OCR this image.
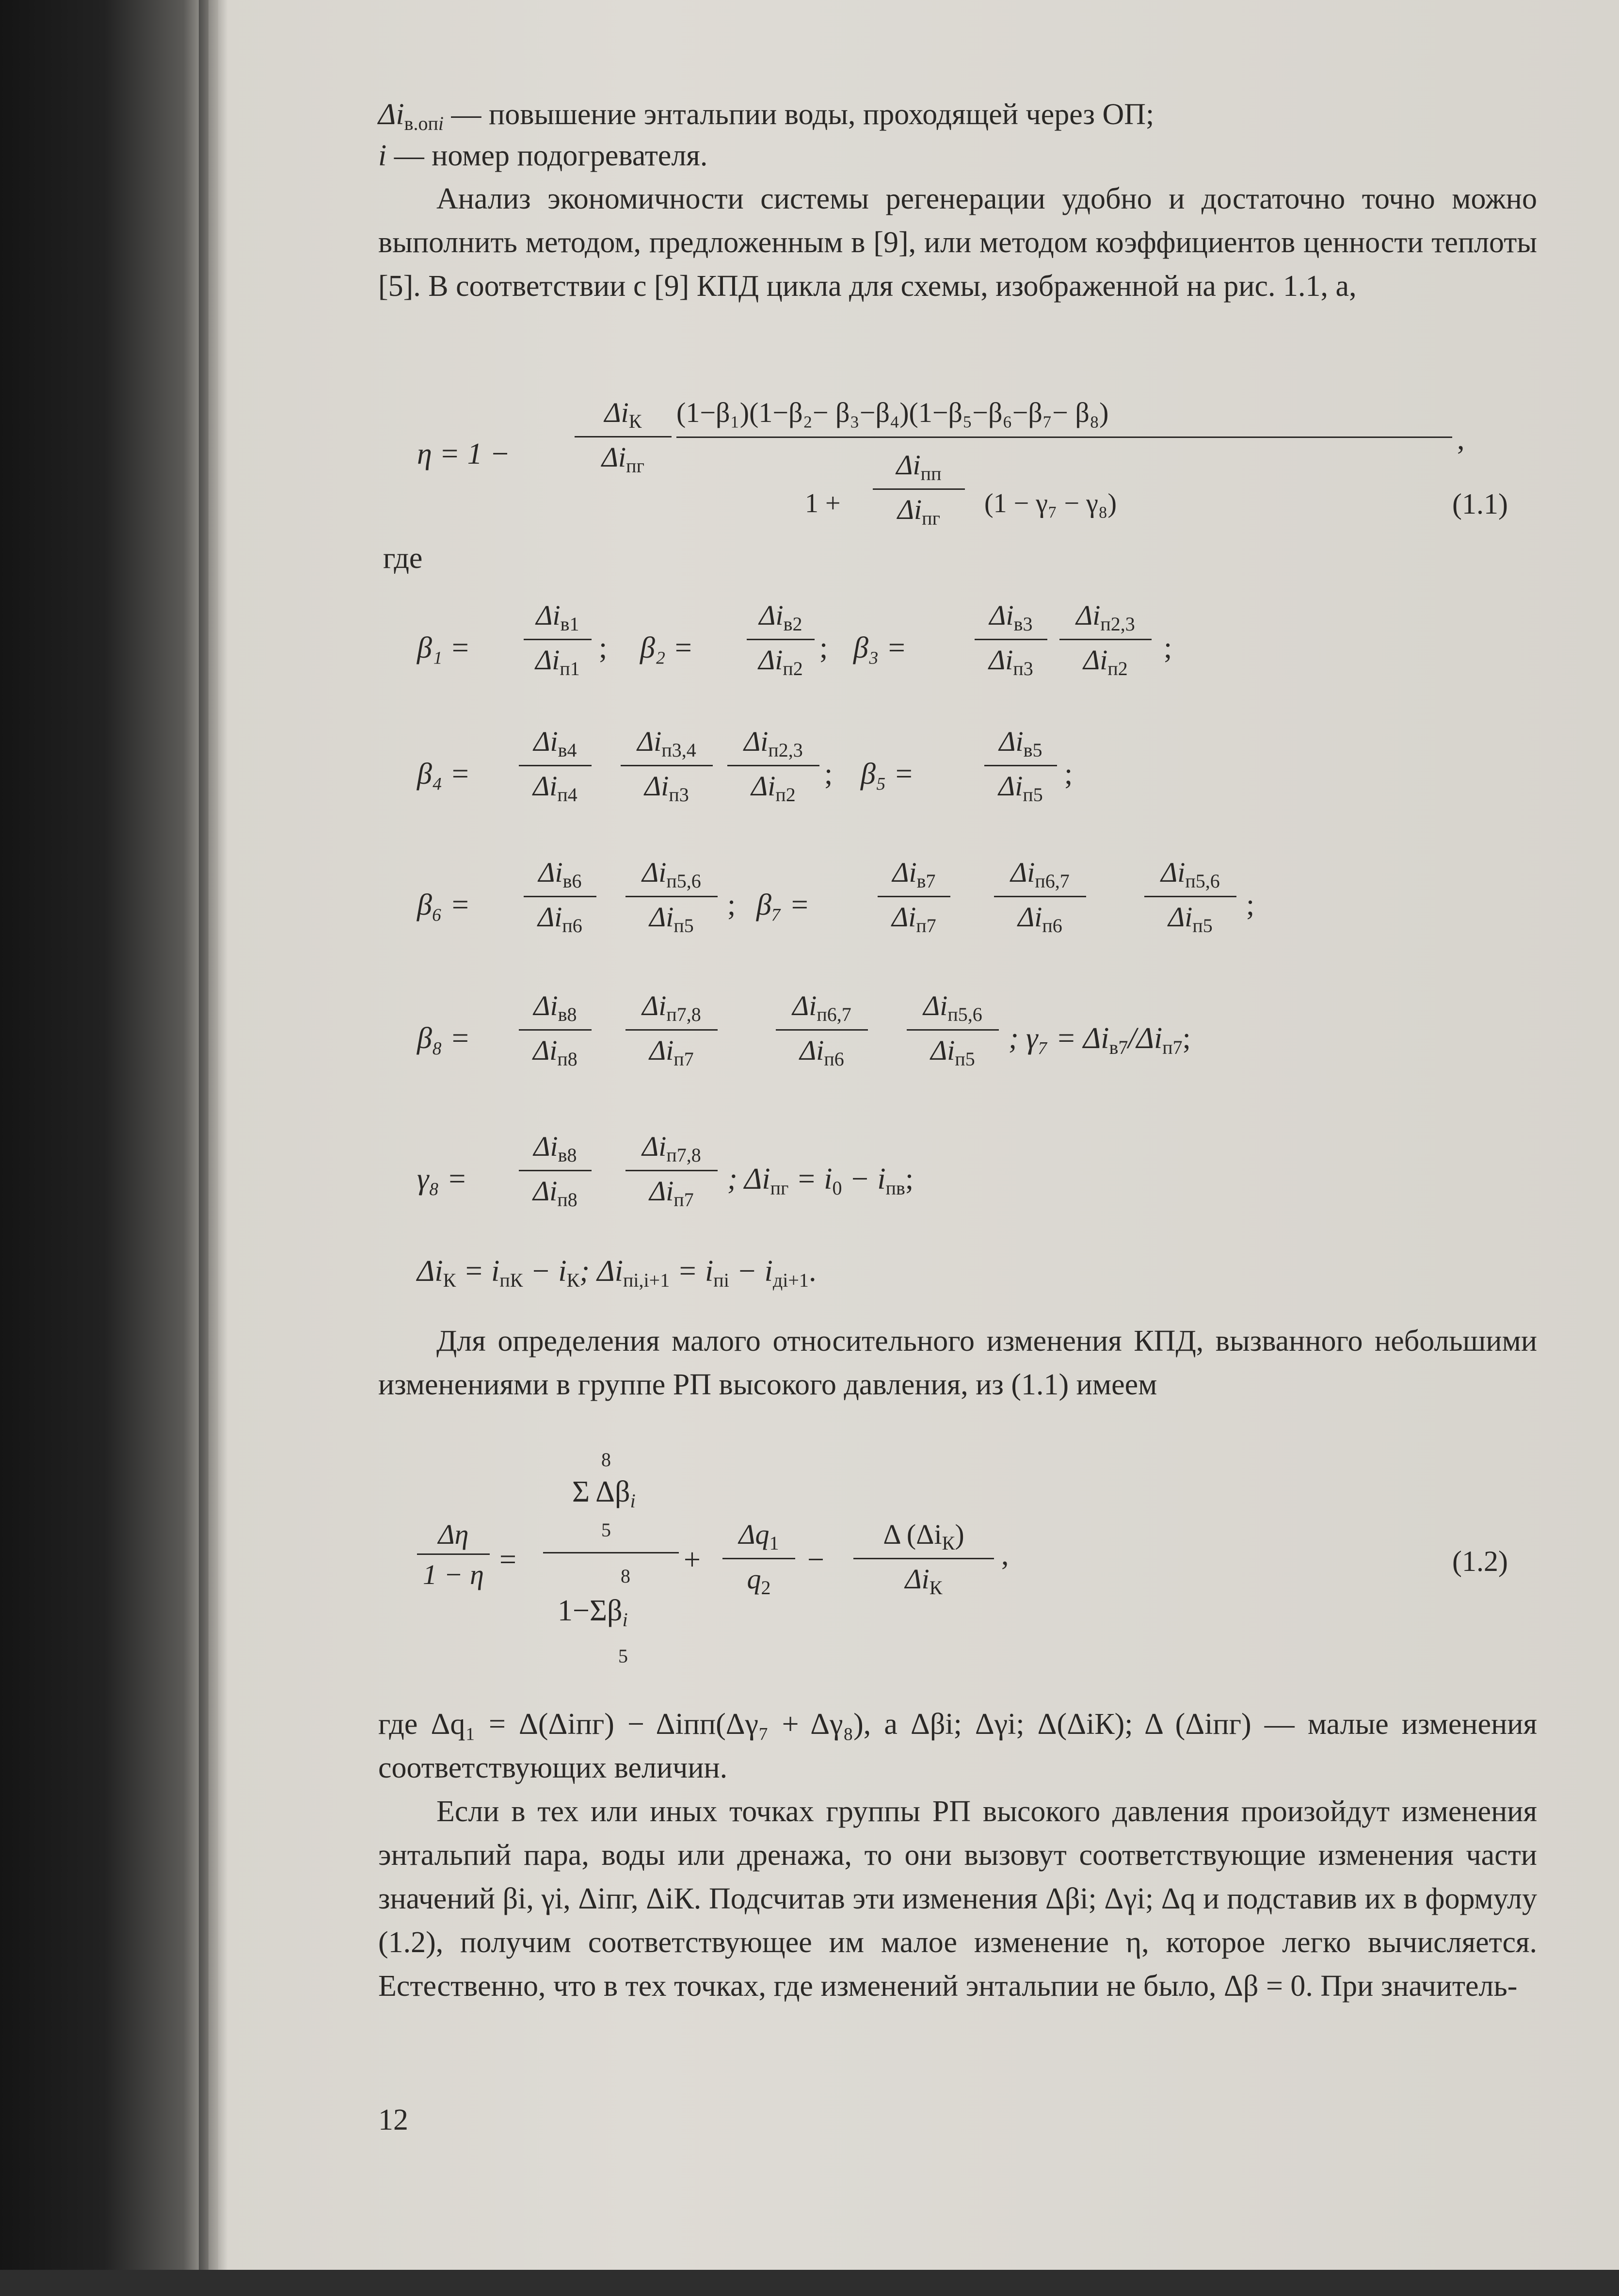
$\Delta i_{в.опi}$ — повышение энтальпии воды, проходящей через ОП;
i — номер подогревателя.
Анализ экономичности системы регенерации удобно и достаточно точно можно выполнить методом, предложенным в [9], или методом коэффициентов ценности теплоты [5]. В соответствии с [9] КПД цикла для схемы, изображенной на рис. 1.1, а,
η = 1 −
$\Delta i_К$
$\Delta i_{пг}$
(1−β₁)(1−β₂− β₃−β₄)(1−β₅−β₆−β₇− β₈)
1 +
$\Delta i_{пп}$
$\Delta i_{пг}$	(1 − γ₇ − γ₈)
,
(1.1)
где
β₁ =
$\Delta i_{в1}$
$\Delta i_{п1}$
; β₂ =
$\Delta i_{в2}$
$\Delta i_{п2}$
; β₃ =
$\Delta i_{в3}$
$\Delta i_{п3}$
$\Delta i_{п2,3}$
$\Delta i_{п2}$
;
β₄ =
$\Delta i_{в4}$
$\Delta i_{п4}$
$\Delta i_{п3,4}$
$\Delta i_{п3}$
$\Delta i_{п2,3}$
$\Delta i_{п2}$
; β₅ =
$\Delta i_{в5}$
$\Delta i_{п5}$
;
β₆ =
$\Delta i_{в6}$
$\Delta i_{п6}$
$\Delta i_{п5,6}$
$\Delta i_{п5}$
; β₇ =
$\Delta i_{в7}$
$\Delta i_{п7}$
$\Delta i_{п6,7}$
$\Delta i_{п6}$
$\Delta i_{п5,6}$
$\Delta i_{п5}$
;
β₈ =
$\Delta i_{в8}$
$\Delta i_{п8}$
$\Delta i_{п7,8}$
$\Delta i_{п7}$
$\Delta i_{п6,7}$
$\Delta i_{п6}$
$\Delta i_{п5,6}$
$\Delta i_{п5}$
; $\gamma_7 = \Delta i_{в7}/\Delta i_{п7}$;
γ₈ =
$\Delta i_{в8}$
$\Delta i_{п8}$
$\Delta i_{п7,8}$
$\Delta i_{п7}$
; $\Delta i_{пг} = i_0 - i_{пв}$;
$\Delta i_К = i_{пК} - i_К$; $\Delta i_{пi,i+1} = i_{пi} - i_{дi+1}$.
Для определения малого относительного изменения КПД, вызванного небольшими изменениями в группе РП высокого давления, из (1.1) имеем
$\frac{\Delta\eta}{1 - \eta}$ =
8
Σ $\Delta\beta_i$
5
8
$1-\Sigma\beta_i$
5
+ $\frac{\Delta q_1}{q_2}$ −
Δ $(\Delta i_К)$
$\Delta i_К$
,	(1.2)
где Δq₁ = Δ(Δiпг) − Δiпп(Δγ₇ + Δγ₈), а Δβi; Δγi; Δ(ΔiК); Δ (Δiпг) — малые изменения соответствующих величин.
Если в тех или иных точках группы РП высокого давления произойдут изменения энтальпий пара, воды или дренажа, то они вызовут соответствующие изменения части значений βi, γi, Δiпг, ΔiК. Подсчитав эти изменения Δβi; Δγi; Δq и подставив их в формулу (1.2), получим соответствующее им малое изменение η, которое легко вычисляется. Естественно, что в тех точках, где изменений энтальпии не было, Δβ = 0. При значитель-
12
